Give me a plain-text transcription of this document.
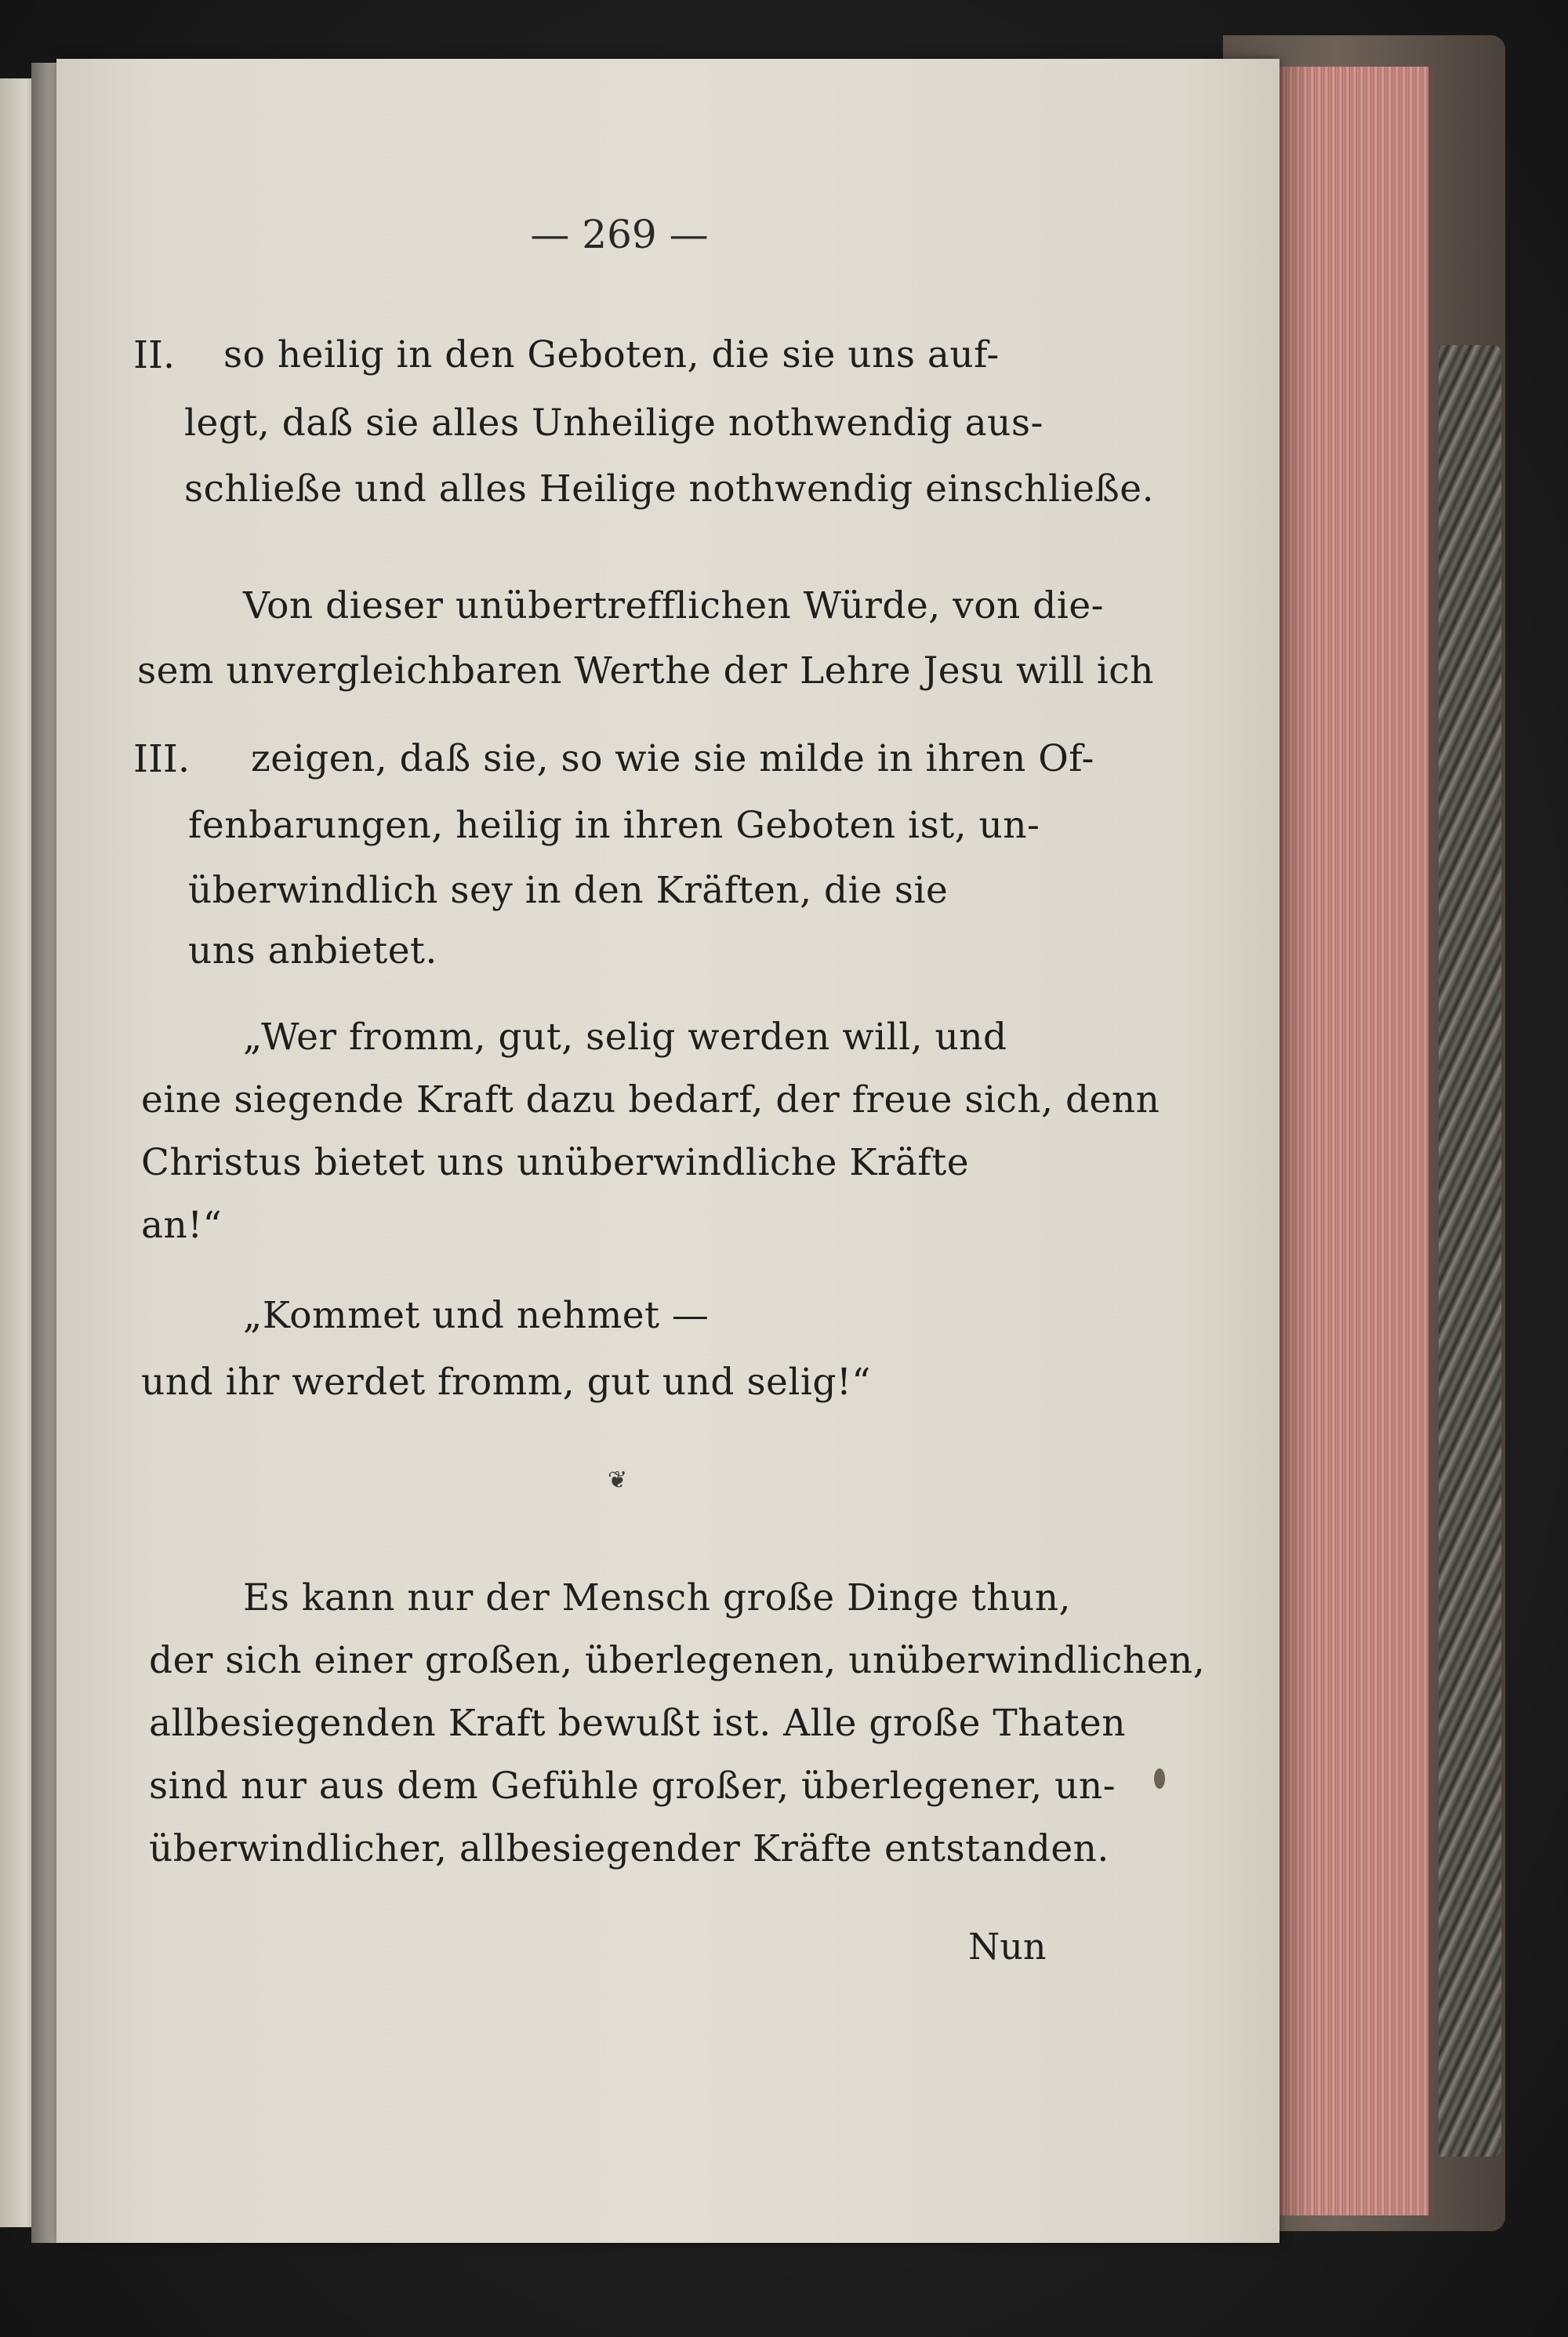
— 269 —
II. so heilig in den Geboten, die sie uns auf-
legt, daß sie alles Unheilige nothwendig aus-
schließe und alles Heilige nothwendig einschließe.
Von dieser unübertrefflichen Würde, von die-
sem unvergleichbaren Werthe der Lehre Jesu will ich
III. zeigen, daß sie, so wie sie milde in ihren Of-
fenbarungen, heilig in ihren Geboten ist, un-
überwindlich sey in den Kräften, die sie
uns anbietet.
„Wer fromm, gut, selig werden will, und
eine siegende Kraft dazu bedarf, der freue sich, denn
Christus bietet uns unüberwindliche Kräfte
an!“
„Kommet und nehmet —
und ihr werdet fromm, gut und selig!“
❦
Es kann nur der Mensch große Dinge thun,
der sich einer großen, überlegenen, unüberwindlichen,
allbesiegenden Kraft bewußt ist. Alle große Thaten
sind nur aus dem Gefühle großer, überlegener, un-
überwindlicher, allbesiegender Kräfte entstanden.
Nun
